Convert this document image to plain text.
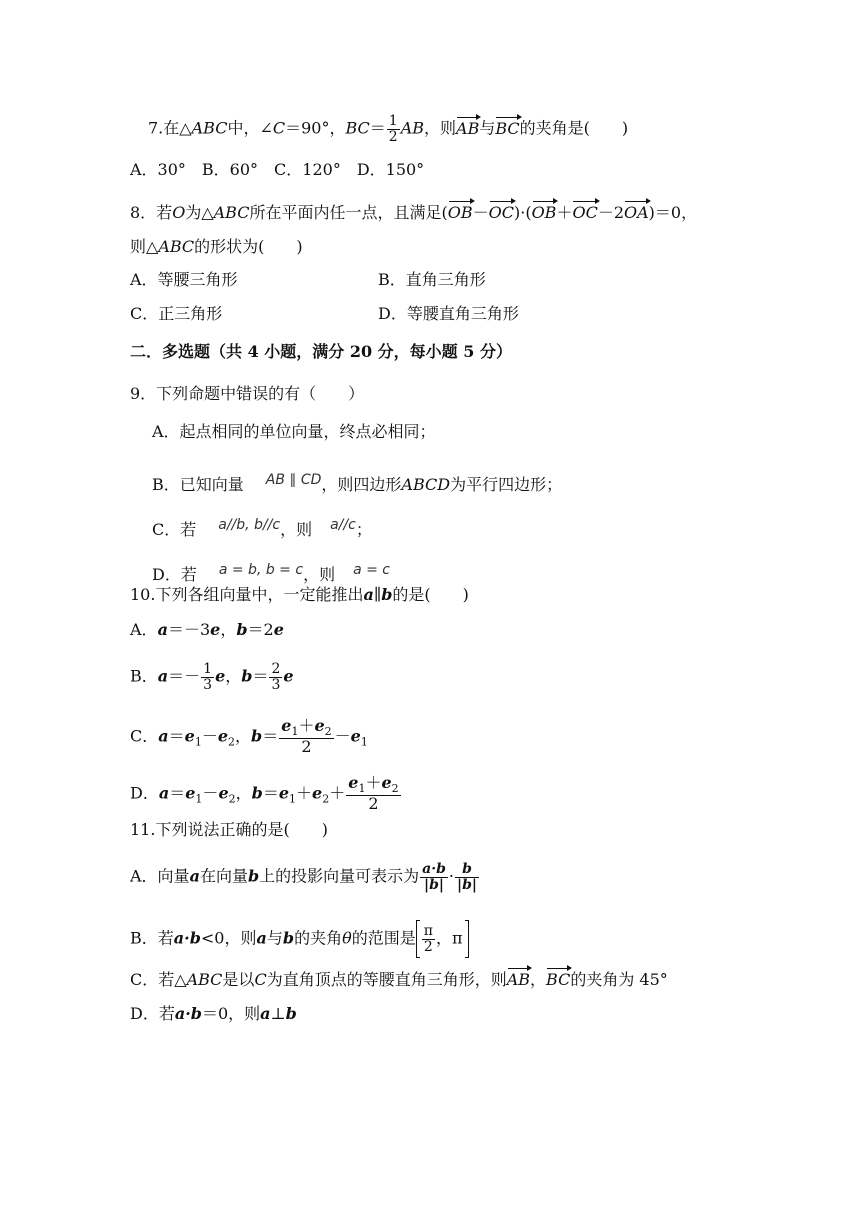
7.在△ABC中，∠C＝90°，$BC= \frac{1}{2}$ AB，则AB与BC的夹角是(　　)
A．30°　B．60°　C．120°　D．150°
8．若O为△ABC所在平面内任一点，且满足(OB－OC)·(OB＋OC－2OA)＝0，
则△ABC的形状为(　　)
A．等腰三角形	B．直角三角形
C．正三角形	D．等腰直角三角形
二．多选题（共 4 小题，满分 20 分，每小题 5 分）
9．下列命题中错误的有（　　）
A．起点相同的单位向量，终点必相同；
B．已知向量 AB ∥ CD，则四边形ABCD为平行四边形；
C．若 a//b, b//c，则 a//c；
D．若 a = b, b = c，则 a = c
10.下列各组向量中，一定能推出a∥b的是(　　)
A．a＝－3e，b＝2e
B．$a=- \frac{1}{3}$ e，$b= \frac{2}{3}$ e
C．$a=e_1-e_2$，$b= \frac{e_1+e_2}{2} -e_1$
D．$a=e_1-e_2$，$b=e_1+e_2+ \frac{e_1+e_2}{2}$
11.下列说法正确的是(　　)
A．向量a在向量b上的投影向量可表示为 $\frac{a\cdot b}{|b|} \cdot \frac{b}{|b|}$
B．若a·b<0，则a与b的夹角θ的范围是 $\frac{\pi}{2}$ ，π
C．若△ABC是以C为直角顶点的等腰直角三角形，则AB，BC的夹角为 45°
D．若a·b＝0，则a⊥b
